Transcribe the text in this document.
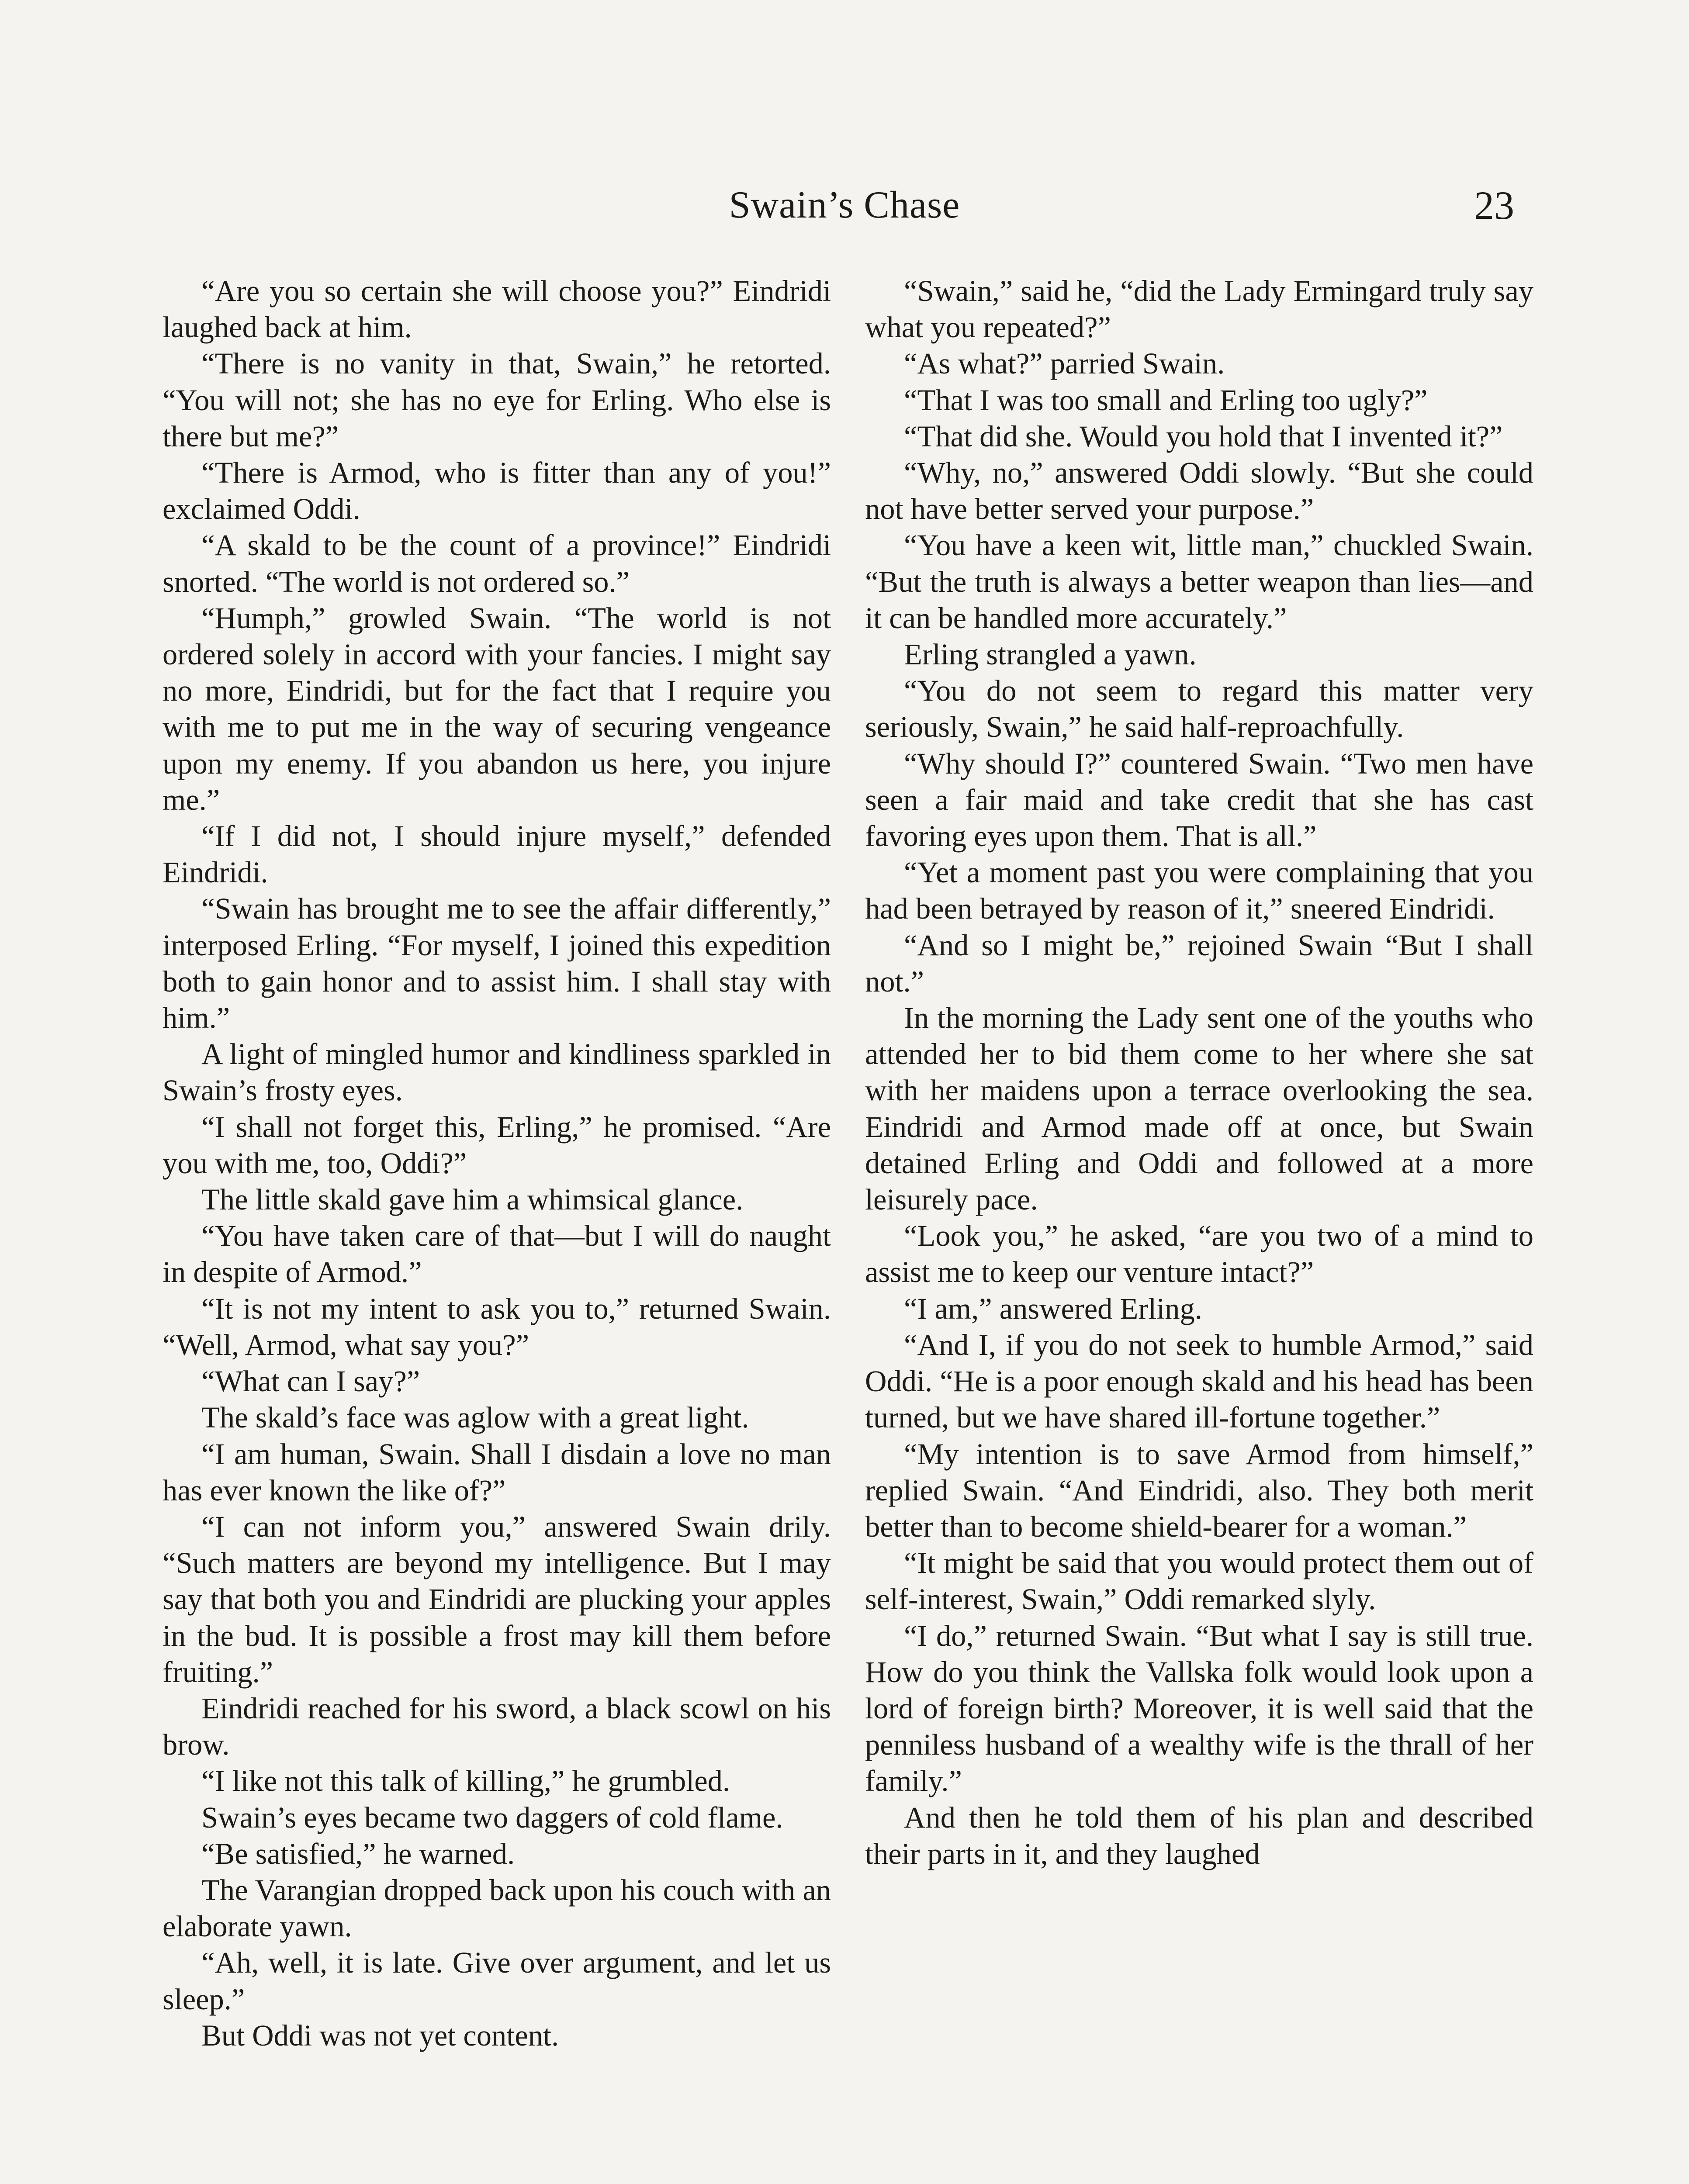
Swain’s Chase	23

“Are you so certain she will choose you?” Eindridi laughed back at him.

“There is no vanity in that, Swain,” he retorted. “You will not; she has no eye for Erling. Who else is there but me?”

“There is Armod, who is fitter than any of you!” exclaimed Oddi.

“A skald to be the count of a province!” Eindridi snorted. “The world is not ordered so.”

“Humph,” growled Swain. “The world is not ordered solely in accord with your fancies. I might say no more, Eindridi, but for the fact that I require you with me to put me in the way of securing vengeance upon my enemy. If you abandon us here, you injure me.”

“If I did not, I should injure myself,” defended Eindridi.

“Swain has brought me to see the affair differently,” interposed Erling. “For myself, I joined this expedition both to gain honor and to assist him. I shall stay with him.”

A light of mingled humor and kindliness sparkled in Swain’s frosty eyes.

“I shall not forget this, Erling,” he promised. “Are you with me, too, Oddi?”

The little skald gave him a whimsical glance.

“You have taken care of that—but I will do naught in despite of Armod.”

“It is not my intent to ask you to,” returned Swain. “Well, Armod, what say you?”

“What can I say?”

The skald’s face was aglow with a great light.

“I am human, Swain. Shall I disdain a love no man has ever known the like of?”

“I can not inform you,” answered Swain drily. “Such matters are beyond my intelligence. But I may say that both you and Eindridi are plucking your apples in the bud. It is possible a frost may kill them before fruiting.”

Eindridi reached for his sword, a black scowl on his brow.

“I like not this talk of killing,” he grumbled.

Swain’s eyes became two daggers of cold flame.

“Be satisfied,” he warned.

The Varangian dropped back upon his couch with an elaborate yawn.

“Ah, well, it is late. Give over argument, and let us sleep.”

But Oddi was not yet content.

“Swain,” said he, “did the Lady Ermingard truly say what you repeated?”

“As what?” parried Swain.

“That I was too small and Erling too ugly?”

“That did she. Would you hold that I invented it?”

“Why, no,” answered Oddi slowly. “But she could not have better served your purpose.”

“You have a keen wit, little man,” chuckled Swain. “But the truth is always a better weapon than lies—and it can be handled more accurately.”

Erling strangled a yawn.

“You do not seem to regard this matter very seriously, Swain,” he said half-reproachfully.

“Why should I?” countered Swain. “Two men have seen a fair maid and take credit that she has cast favoring eyes upon them. That is all.”

“Yet a moment past you were complaining that you had been betrayed by reason of it,” sneered Eindridi.

“And so I might be,” rejoined Swain “But I shall not.”

In the morning the Lady sent one of the youths who attended her to bid them come to her where she sat with her maidens upon a terrace overlooking the sea. Eindridi and Armod made off at once, but Swain detained Erling and Oddi and followed at a more leisurely pace.

“Look you,” he asked, “are you two of a mind to assist me to keep our venture intact?”

“I am,” answered Erling.

“And I, if you do not seek to humble Armod,” said Oddi. “He is a poor enough skald and his head has been turned, but we have shared ill-fortune together.”

“My intention is to save Armod from himself,” replied Swain. “And Eindridi, also. They both merit better than to become shield-bearer for a woman.”

“It might be said that you would protect them out of self-interest, Swain,” Oddi remarked slyly.

“I do,” returned Swain. “But what I say is still true. How do you think the Vallska folk would look upon a lord of foreign birth? Moreover, it is well said that the penniless husband of a wealthy wife is the thrall of her family.”

And then he told them of his plan and described their parts in it, and they laughed
